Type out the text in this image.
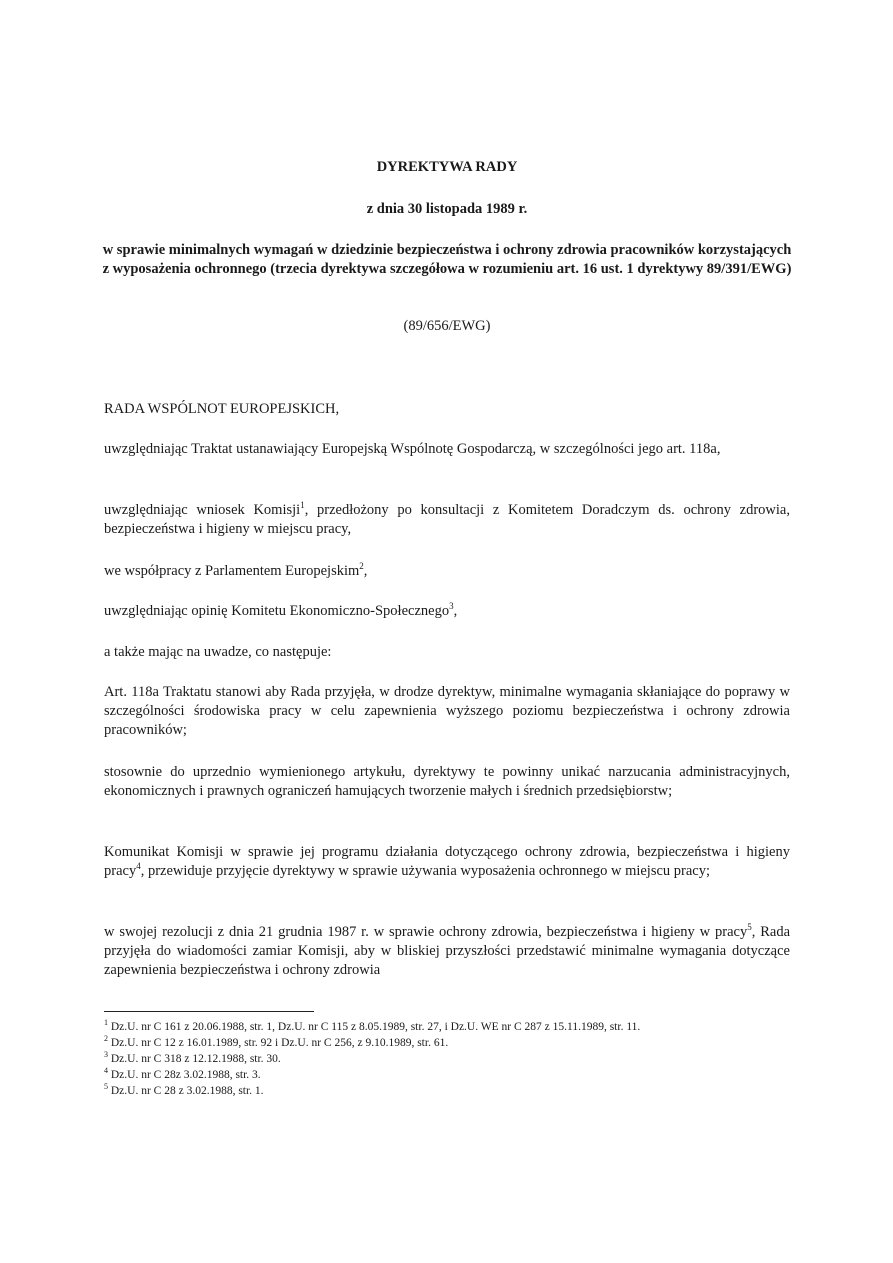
DYREKTYWA RADY
z dnia 30 listopada 1989 r.
w sprawie minimalnych wymagań w dziedzinie bezpieczeństwa i ochrony zdrowia pracowników korzystających z wyposażenia ochronnego (trzecia dyrektywa szczegółowa w rozumieniu art. 16 ust. 1 dyrektywy 89/391/EWG)
(89/656/EWG)
RADA WSPÓLNOT EUROPEJSKICH,
uwzględniając Traktat ustanawiający Europejską Wspólnotę Gospodarczą, w szczególności jego art. 118a,
uwzględniając wniosek Komisji$^1$, przedłożony po konsultacji z Komitetem Doradczym ds. ochrony zdrowia, bezpieczeństwa i higieny w miejscu pracy,
we współpracy z Parlamentem Europejskim$^2$,
uwzględniając opinię Komitetu Ekonomiczno-Społecznego$^3$,
a także mając na uwadze, co następuje:
Art. 118a Traktatu stanowi aby Rada przyjęła, w drodze dyrektyw, minimalne wymagania skłaniające do poprawy w szczególności środowiska pracy w celu zapewnienia wyższego poziomu bezpieczeństwa i ochrony zdrowia pracowników;
stosownie do uprzednio wymienionego artykułu, dyrektywy te powinny unikać narzucania administracyjnych, ekonomicznych i prawnych ograniczeń hamujących tworzenie małych i średnich przedsiębiorstw;
Komunikat Komisji w sprawie jej programu działania dotyczącego ochrony zdrowia, bezpieczeństwa i higieny pracy$^4$, przewiduje przyjęcie dyrektywy w sprawie używania wyposażenia ochronnego w miejscu pracy;
w swojej rezolucji z dnia 21 grudnia 1987 r. w sprawie ochrony zdrowia, bezpieczeństwa i higieny w pracy$^5$, Rada przyjęła do wiadomości zamiar Komisji, aby w bliskiej przyszłości przedstawić minimalne wymagania dotyczące zapewnienia bezpieczeństwa i ochrony zdrowia
$^1$ Dz.U. nr C 161 z 20.06.1988, str. 1, Dz.U. nr C 115 z 8.05.1989, str. 27, i Dz.U. WE nr C 287 z 15.11.1989, str. 11.
$^2$ Dz.U. nr C 12 z 16.01.1989, str. 92 i Dz.U. nr C 256, z 9.10.1989, str. 61.
$^3$ Dz.U. nr C 318 z 12.12.1988, str. 30.
$^4$ Dz.U. nr C 28z 3.02.1988, str. 3.
$^5$ Dz.U. nr C 28 z 3.02.1988, str. 1.
